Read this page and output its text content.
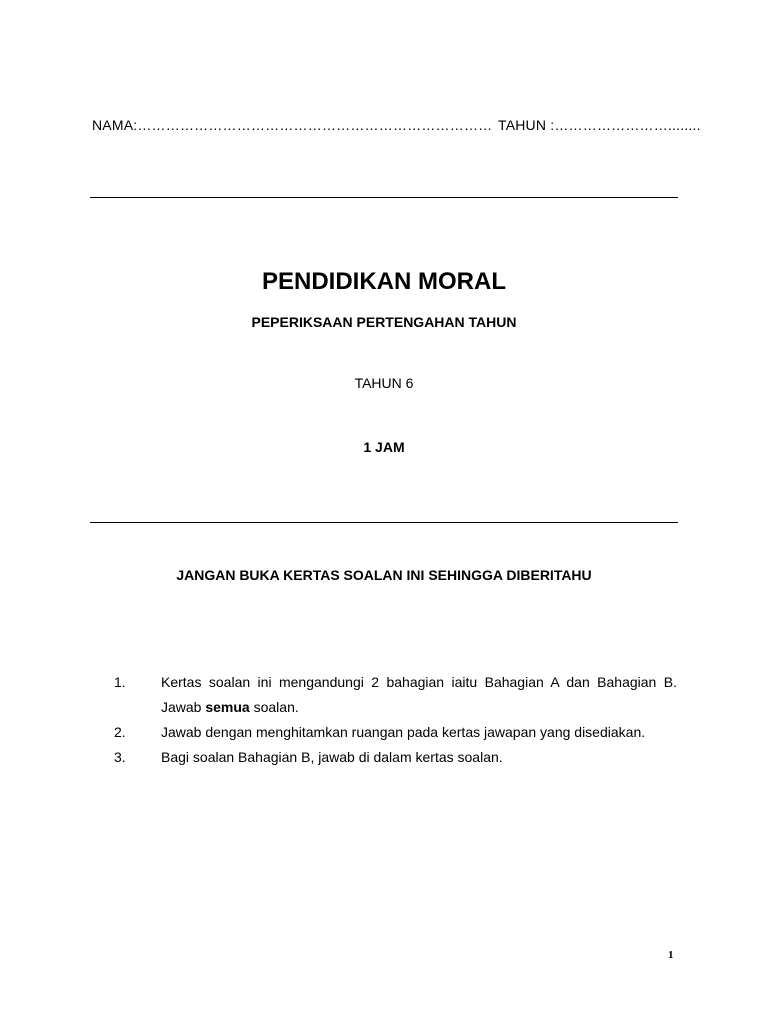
NAMA:………………………………………………………………… TAHUN :……………………........
PENDIDIKAN MORAL
PEPERIKSAAN PERTENGAHAN TAHUN
TAHUN 6
1 JAM
JANGAN BUKA KERTAS SOALAN INI SEHINGGA DIBERITAHU
1.	Kertas soalan ini mengandungi 2 bahagian iaitu Bahagian A dan Bahagian B. Jawab semua soalan.
2.	Jawab dengan menghitamkan ruangan pada kertas jawapan yang disediakan.
3.	Bagi soalan Bahagian B, jawab di dalam kertas soalan.
1
